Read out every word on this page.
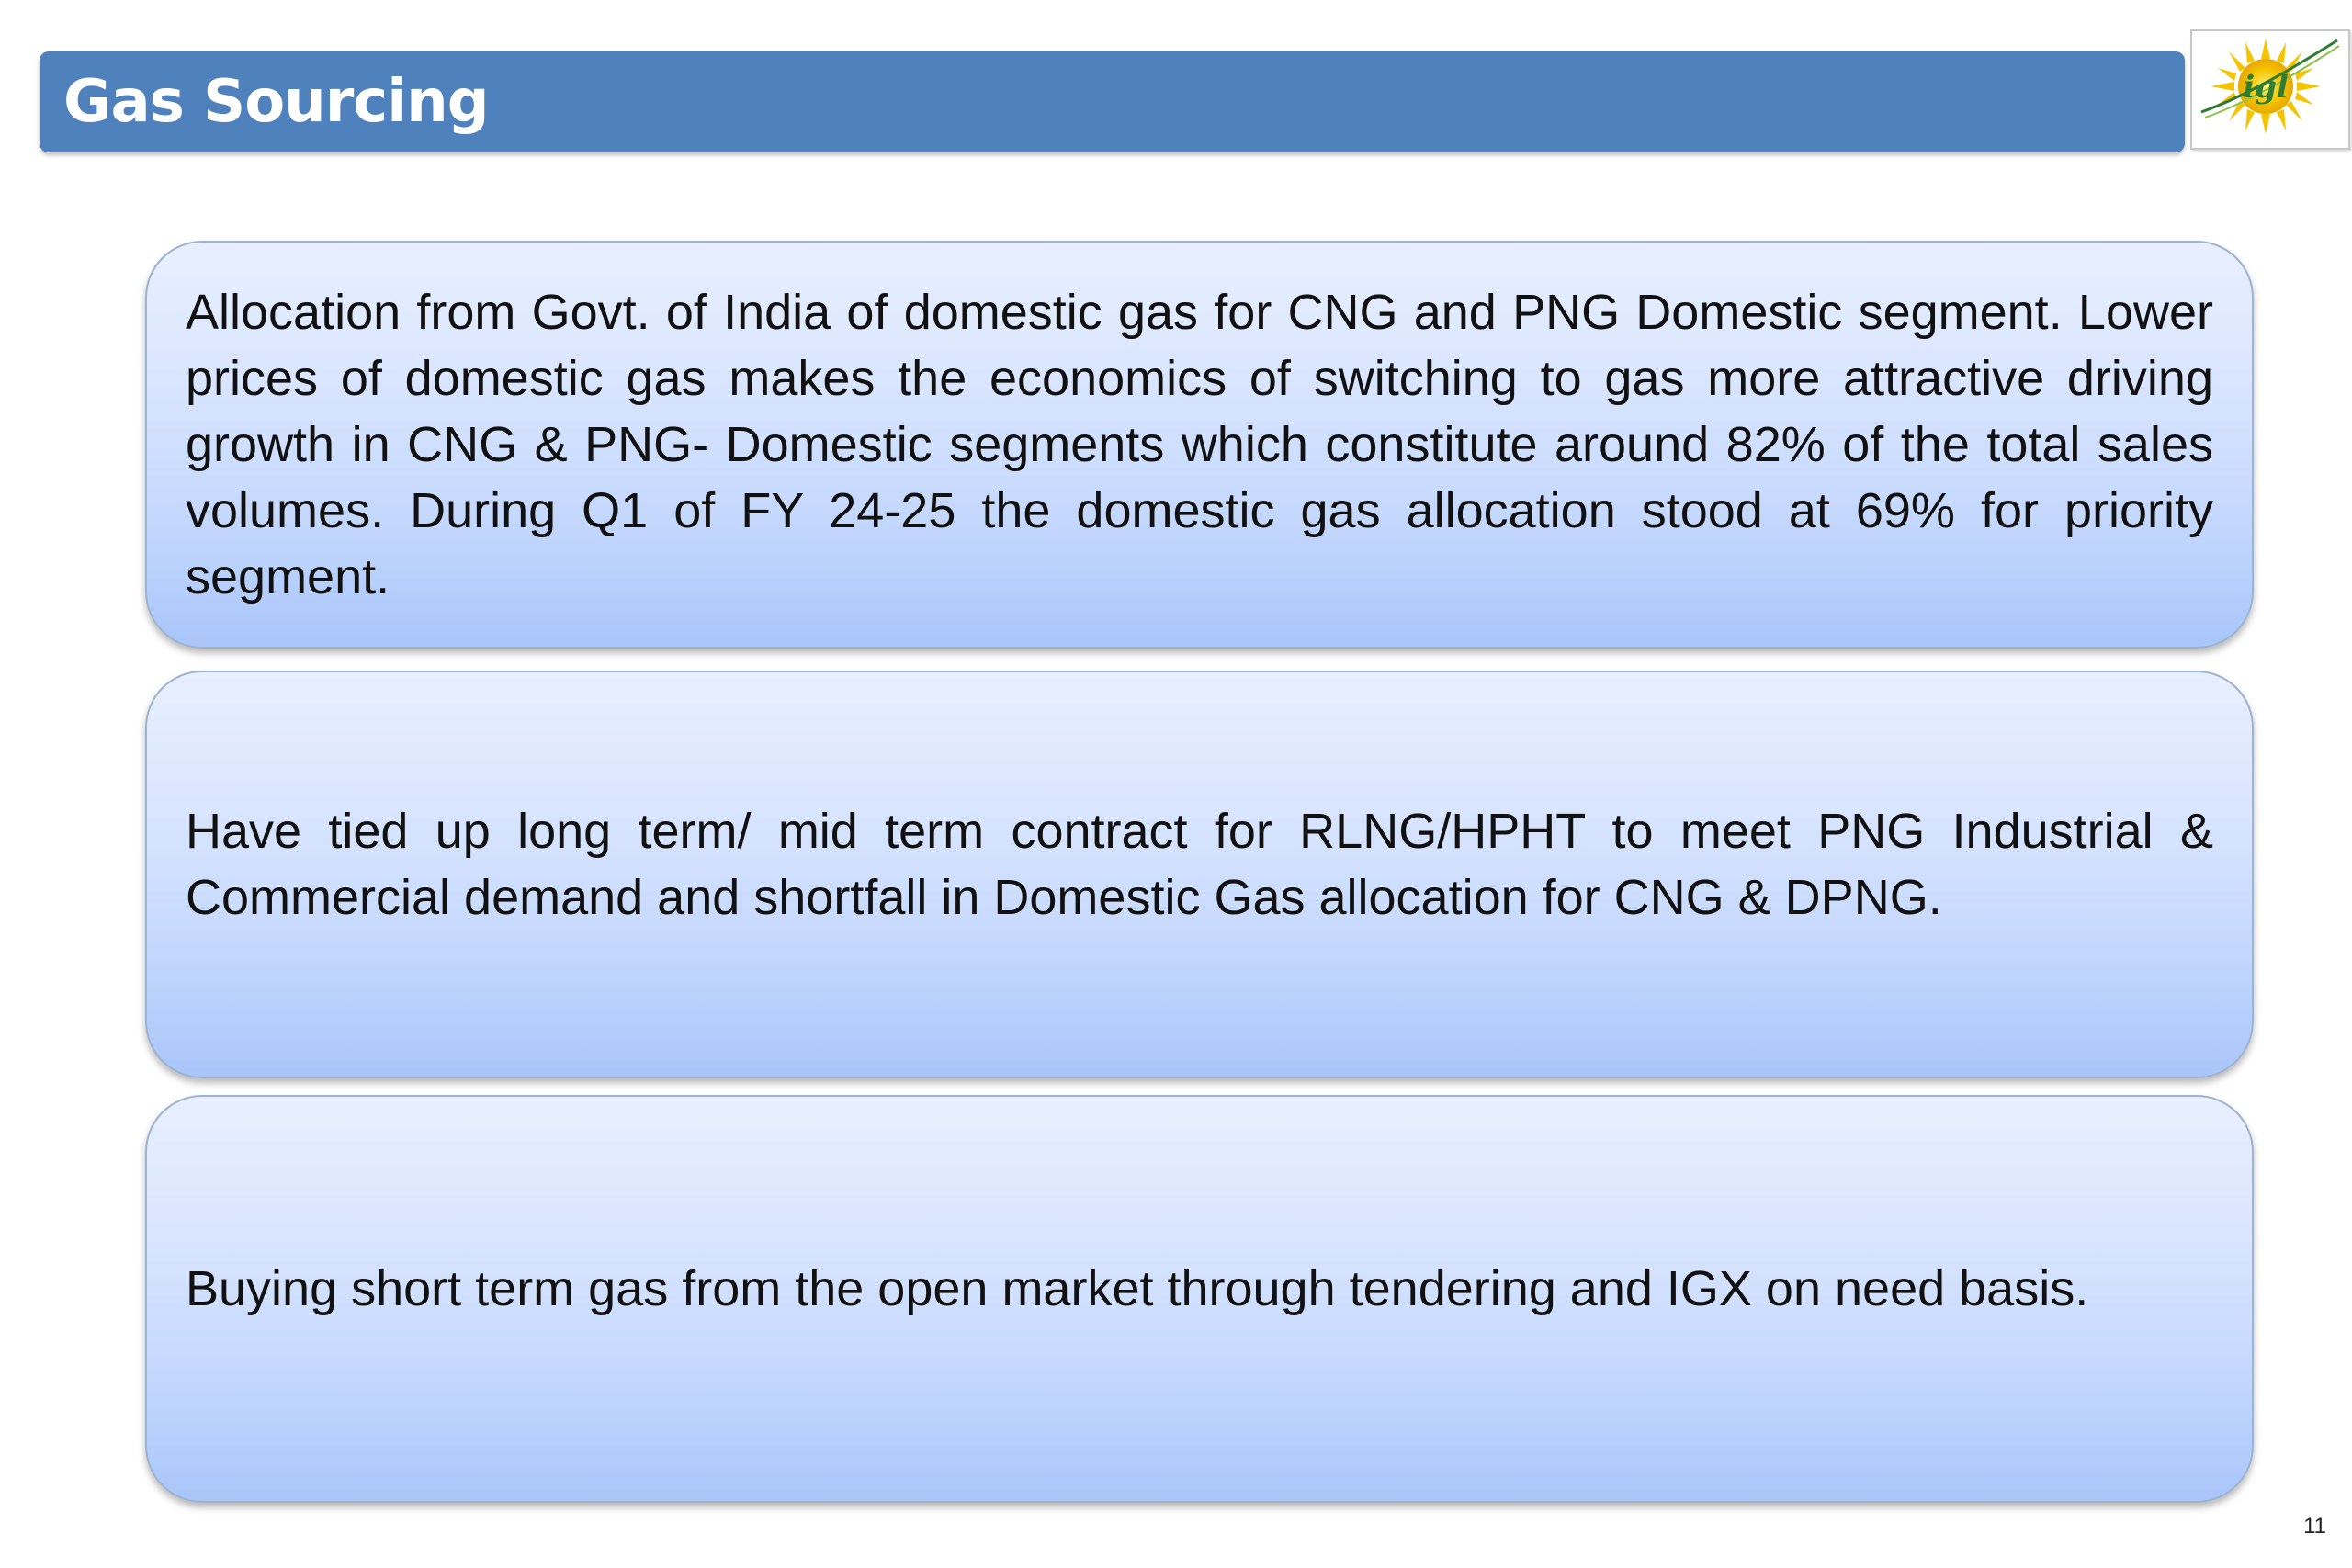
Gas Sourcing	igl
Allocation from Govt. of India of domestic gas for CNG and PNG Domestic segment. Lower prices of domestic gas makes the economics of switching to gas more attractive driving growth in CNG & PNG- Domestic segments which constitute around 82% of the total sales volumes. During Q1 of FY 24-25 the domestic gas allocation stood at 69% for priority segment.
Have tied up long term/ mid term contract for RLNG/HPHT to meet PNG Industrial & Commercial demand and shortfall in Domestic Gas allocation for CNG & DPNG.
Buying short term gas from the open market through tendering and IGX on need basis.
11
